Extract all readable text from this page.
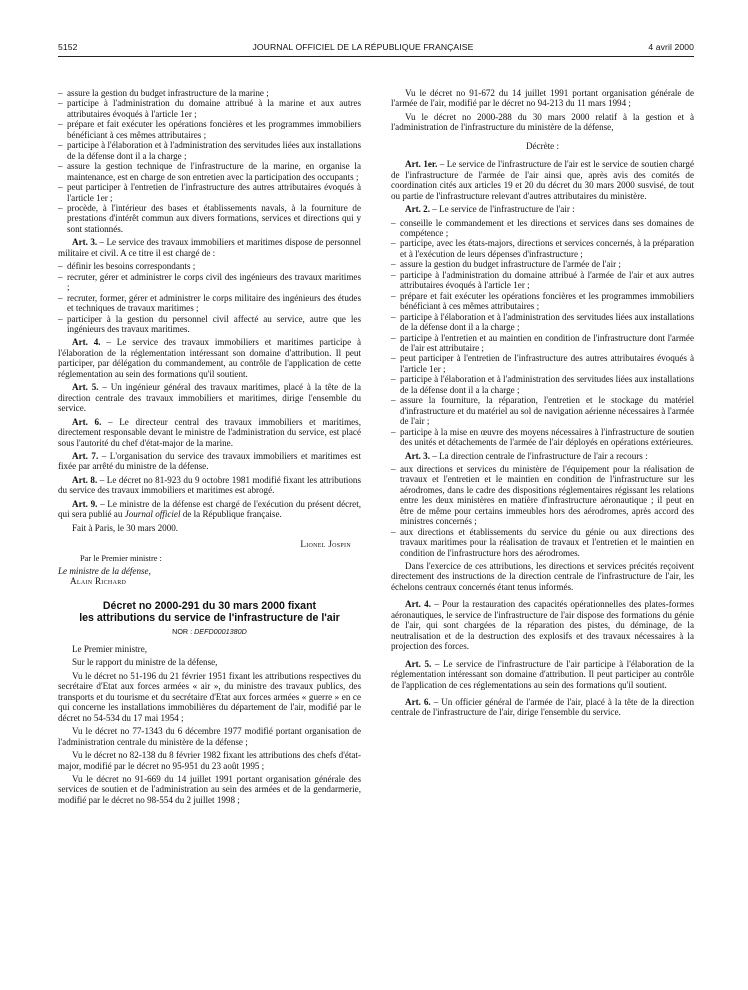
5152	JOURNAL OFFICIEL DE LA RÉPUBLIQUE FRANÇAISE	4 avril 2000
– assure la gestion du budget infrastructure de la marine ;
– participe à l'administration du domaine attribué à la marine et aux autres attributaires évoqués à l'article 1er ;
– prépare et fait exécuter les opérations foncières et les programmes immobiliers bénéficiant à ces mêmes attributaires ;
– participe à l'élaboration et à l'administration des servitudes liées aux installations de la défense dont il a la charge ;
– assure la gestion technique de l'infrastructure de la marine, en organise la maintenance, est en charge de son entretien avec la participation des occupants ;
– peut participer à l'entretien de l'infrastructure des autres attributaires évoqués à l'article 1er ;
– procède, à l'intérieur des bases et établissements navals, à la fourniture de prestations d'intérêt commun aux divers formations, services et directions qui y sont stationnés.

Art. 3. – Le service des travaux immobiliers et maritimes dispose de personnel militaire et civil. A ce titre il est chargé de :

– définir les besoins correspondants ;
– recruter, gérer et administrer le corps civil des ingénieurs des travaux maritimes ;
– recruter, former, gérer et administrer le corps militaire des ingénieurs des études et techniques de travaux maritimes ;
– participer à la gestion du personnel civil affecté au service, autre que les ingénieurs des travaux maritimes.

Art. 4. – Le service des travaux immobiliers et maritimes participe à l'élaboration de la réglementation intéressant son domaine d'attribution. Il peut participer, par délégation du commandement, au contrôle de l'application de cette réglementation au sein des formations qu'il soutient.

Art. 5. – Un ingénieur général des travaux maritimes, placé à la tête de la direction centrale des travaux immobiliers et maritimes, dirige l'ensemble du service.

Art. 6. – Le directeur central des travaux immobiliers et maritimes, directement responsable devant le ministre de l'administration du service, est placé sous l'autorité du chef d'état-major de la marine.

Art. 7. – L'organisation du service des travaux immobiliers et maritimes est fixée par arrêté du ministre de la défense.

Art. 8. – Le décret no 81-923 du 9 octobre 1981 modifié fixant les attributions du service des travaux immobiliers et maritimes est abrogé.

Art. 9. – Le ministre de la défense est chargé de l'exécution du présent décret, qui sera publié au Journal officiel de la République française.

Fait à Paris, le 30 mars 2000.

Lionel Jospin
Par le Premier ministre :
Le ministre de la défense,
Alain Richard
Décret no 2000-291 du 30 mars 2000 fixant
les attributions du service de l'infrastructure de l'air
NOR : DEFD0001380D

Le Premier ministre,

Sur le rapport du ministre de la défense,

Vu le décret no 51-196 du 21 février 1951 fixant les attributions respectives du secrétaire d'Etat aux forces armées « air », du ministre des travaux publics, des transports et du tourisme et du secrétaire d'Etat aux forces armées « guerre » en ce qui concerne les installations immobilières du département de l'air, modifié par le décret no 54-534 du 17 mai 1954 ;

Vu le décret no 77-1343 du 6 décembre 1977 modifié portant organisation de l'administration centrale du ministère de la défense ;

Vu le décret no 82-138 du 8 février 1982 fixant les attributions des chefs d'état-major, modifié par le décret no 95-951 du 23 août 1995 ;

Vu le décret no 91-669 du 14 juillet 1991 portant organisation générale des services de soutien et de l'administration au sein des armées et de la gendarmerie, modifié par le décret no 98-554 du 2 juillet 1998 ;

Vu le décret no 91-672 du 14 juillet 1991 portant organisation générale de l'armée de l'air, modifié par le décret no 94-213 du 11 mars 1994 ;

Vu le décret no 2000-288 du 30 mars 2000 relatif à la gestion et à l'administration de l'infrastructure du ministère de la défense,

Décrète :

Art. 1er. – Le service de l'infrastructure de l'air est le service de soutien chargé de l'infrastructure de l'armée de l'air ainsi que, après avis des comités de coordination cités aux articles 19 et 20 du décret du 30 mars 2000 susvisé, de tout ou partie de l'infrastructure relevant d'autres attributaires du ministère.

Art. 2. – Le service de l'infrastructure de l'air :

– conseille le commandement et les directions et services dans ses domaines de compétence ;
– participe, avec les états-majors, directions et services concernés, à la préparation et à l'exécution de leurs dépenses d'infrastructure ;
– assure la gestion du budget infrastructure de l'armée de l'air ;
– participe à l'administration du domaine attribué à l'armée de l'air et aux autres attributaires évoqués à l'article 1er ;
– prépare et fait exécuter les opérations foncières et les programmes immobiliers bénéficiant à ces mêmes attributaires ;
– participe à l'élaboration et à l'administration des servitudes liées aux installations de la défense dont il a la charge ;
– participe à l'entretien et au maintien en condition de l'infrastructure dont l'armée de l'air est attributaire ;
– peut participer à l'entretien de l'infrastructure des autres attributaires évoqués à l'article 1er ;
– participe à l'élaboration et à l'administration des servitudes liées aux installations de la défense dont il a la charge ;
– assure la fourniture, la réparation, l'entretien et le stockage du matériel d'infrastructure et du matériel au sol de navigation aérienne nécessaires à l'armée de l'air ;
– participe à la mise en œuvre des moyens nécessaires à l'infrastructure de soutien des unités et détachements de l'armée de l'air déployés en opérations extérieures.

Art. 3. – La direction centrale de l'infrastructure de l'air a recours :

– aux directions et services du ministère de l'équipement pour la réalisation de travaux et l'entretien et le maintien en condition de l'infrastructure sur les aérodromes, dans le cadre des dispositions réglementaires régissant les relations entre les deux ministères en matière d'infrastructure aéronautique ; il peut en être de même pour certains immeubles hors des aérodromes, après accord des ministres concernés ;
– aux directions et établissements du service du génie ou aux directions des travaux maritimes pour la réalisation de travaux et l'entretien et le maintien en condition de l'infrastructure hors des aérodromes.

Dans l'exercice de ces attributions, les directions et services précités reçoivent directement des instructions de la direction centrale de l'infrastructure de l'air, les échelons centraux concernés étant tenus informés.

Art. 4. – Pour la restauration des capacités opérationnelles des plates-formes aéronautiques, le service de l'infrastructure de l'air dispose des formations du génie de l'air, qui sont chargées de la réparation des pistes, du déminage, de la neutralisation et de la destruction des explosifs et des travaux nécessaires à la projection des forces.

Art. 5. – Le service de l'infrastructure de l'air participe à l'élaboration de la réglementation intéressant son domaine d'attribution. Il peut participer au contrôle de l'application de ces réglementations au sein des formations qu'il soutient.

Art. 6. – Un officier général de l'armée de l'air, placé à la tête de la direction centrale de l'infrastructure de l'air, dirige l'ensemble du service.
